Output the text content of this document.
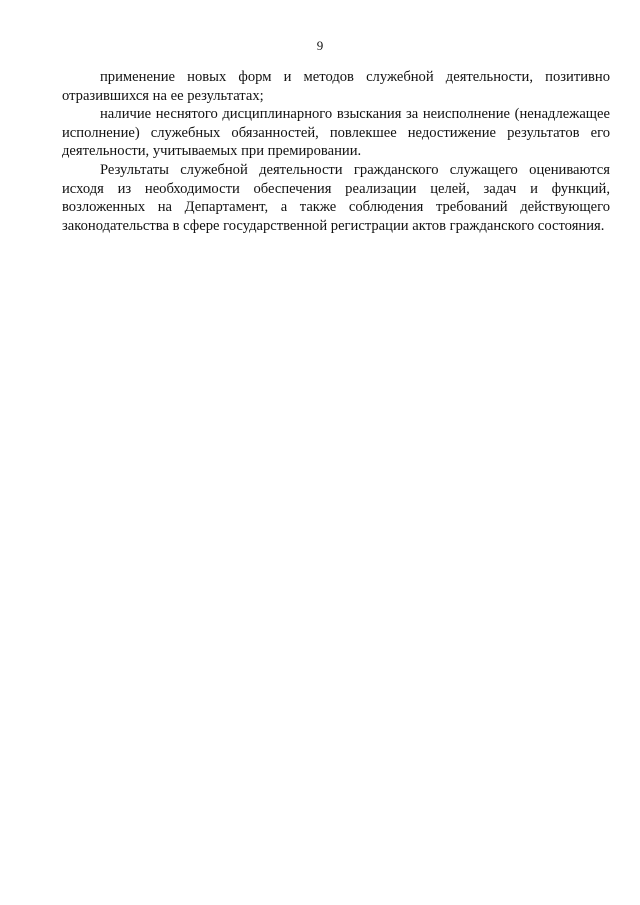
9

применение новых форм и методов служебной деятельности, позитивно отразившихся на ее результатах;

наличие неснятого дисциплинарного взыскания за неисполнение (ненадлежащее исполнение) служебных обязанностей, повлекшее недостижение результатов его деятельности, учитываемых при премировании.

Результаты служебной деятельности гражданского служащего оцениваются исходя из необходимости обеспечения реализации целей, задач и функций, возложенных на Департамент, а также соблюдения требований действующего законодательства в сфере государственной регистрации актов гражданского состояния.
